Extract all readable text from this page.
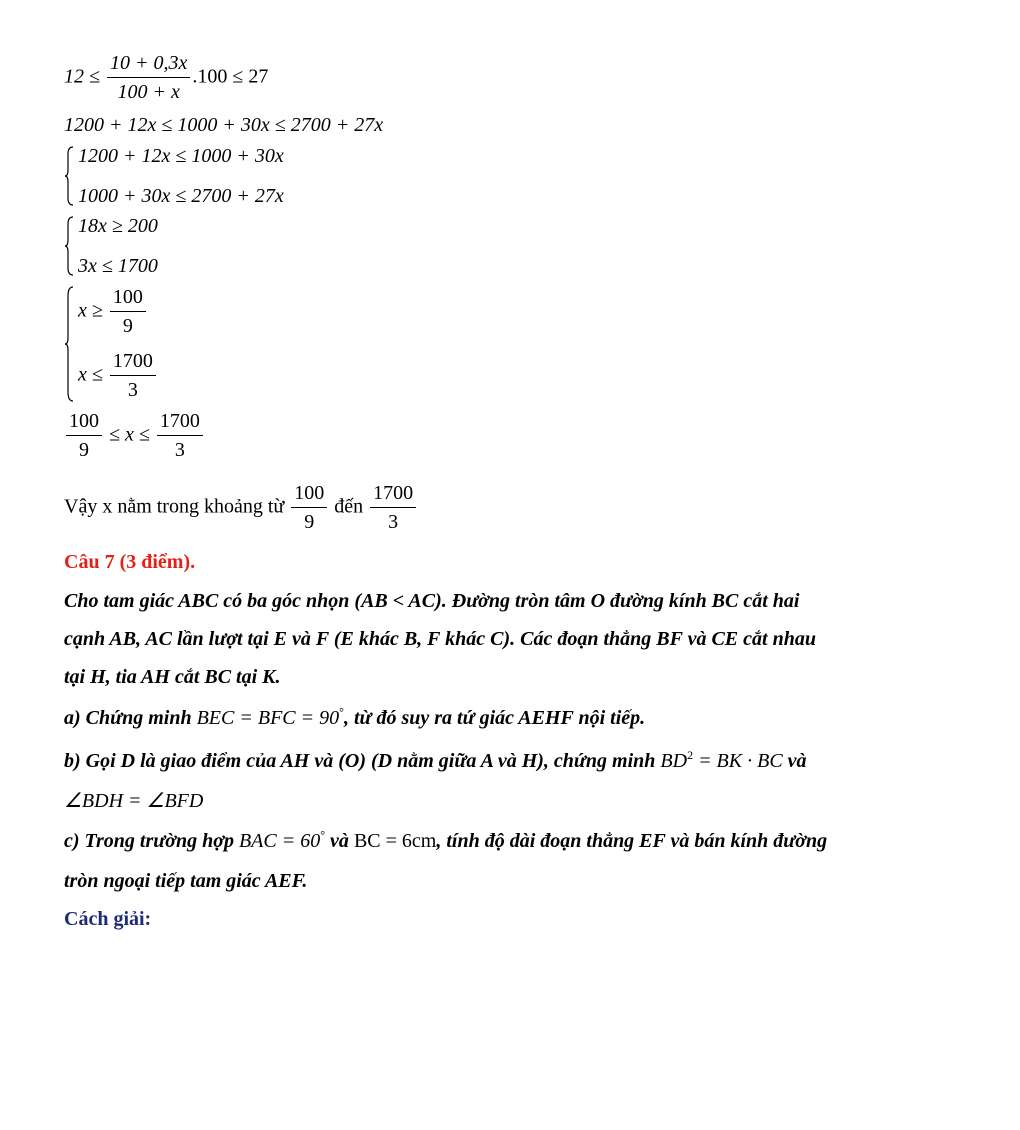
$12 \le \frac{10 + 0,3x}{100 + x} .100 \le 27$
1200 + 12x ≤ 1000 + 30x ≤ 2700 + 27x
1200 + 12x ≤ 1000 + 30x
1000 + 30x ≤ 2700 + 27x
18x ≥ 200
3x ≤ 1700
$x \ge \frac{100}{9}$
$x \le \frac{1700}{3}$
$\frac{100}{9} \le x \le \frac{1700}{3}$
Vậy x nằm trong khoảng từ $\frac{100}{9}$ đến $\frac{1700}{3}$
Câu 7 (3 điểm).
Cho tam giác ABC có ba góc nhọn (AB < AC). Đường tròn tâm O đường kính BC cắt hai
cạnh AB, AC lần lượt tại E và F (E khác B, F khác C). Các đoạn thẳng BF và CE cắt nhau
tại H, tia AH cắt BC tại K.
a) Chứng minh BEC = BFC = 90°, từ đó suy ra tứ giác AEHF nội tiếp.
b) Gọi D là giao điểm của AH và (O) (D nằm giữa A và H), chứng minh $BD^2$ = BK · BC và
∠BDH = ∠BFD
c) Trong trường hợp BAC = 60° và BC = 6cm, tính độ dài đoạn thẳng EF và bán kính đường
tròn ngoại tiếp tam giác AEF.
Cách giải:
